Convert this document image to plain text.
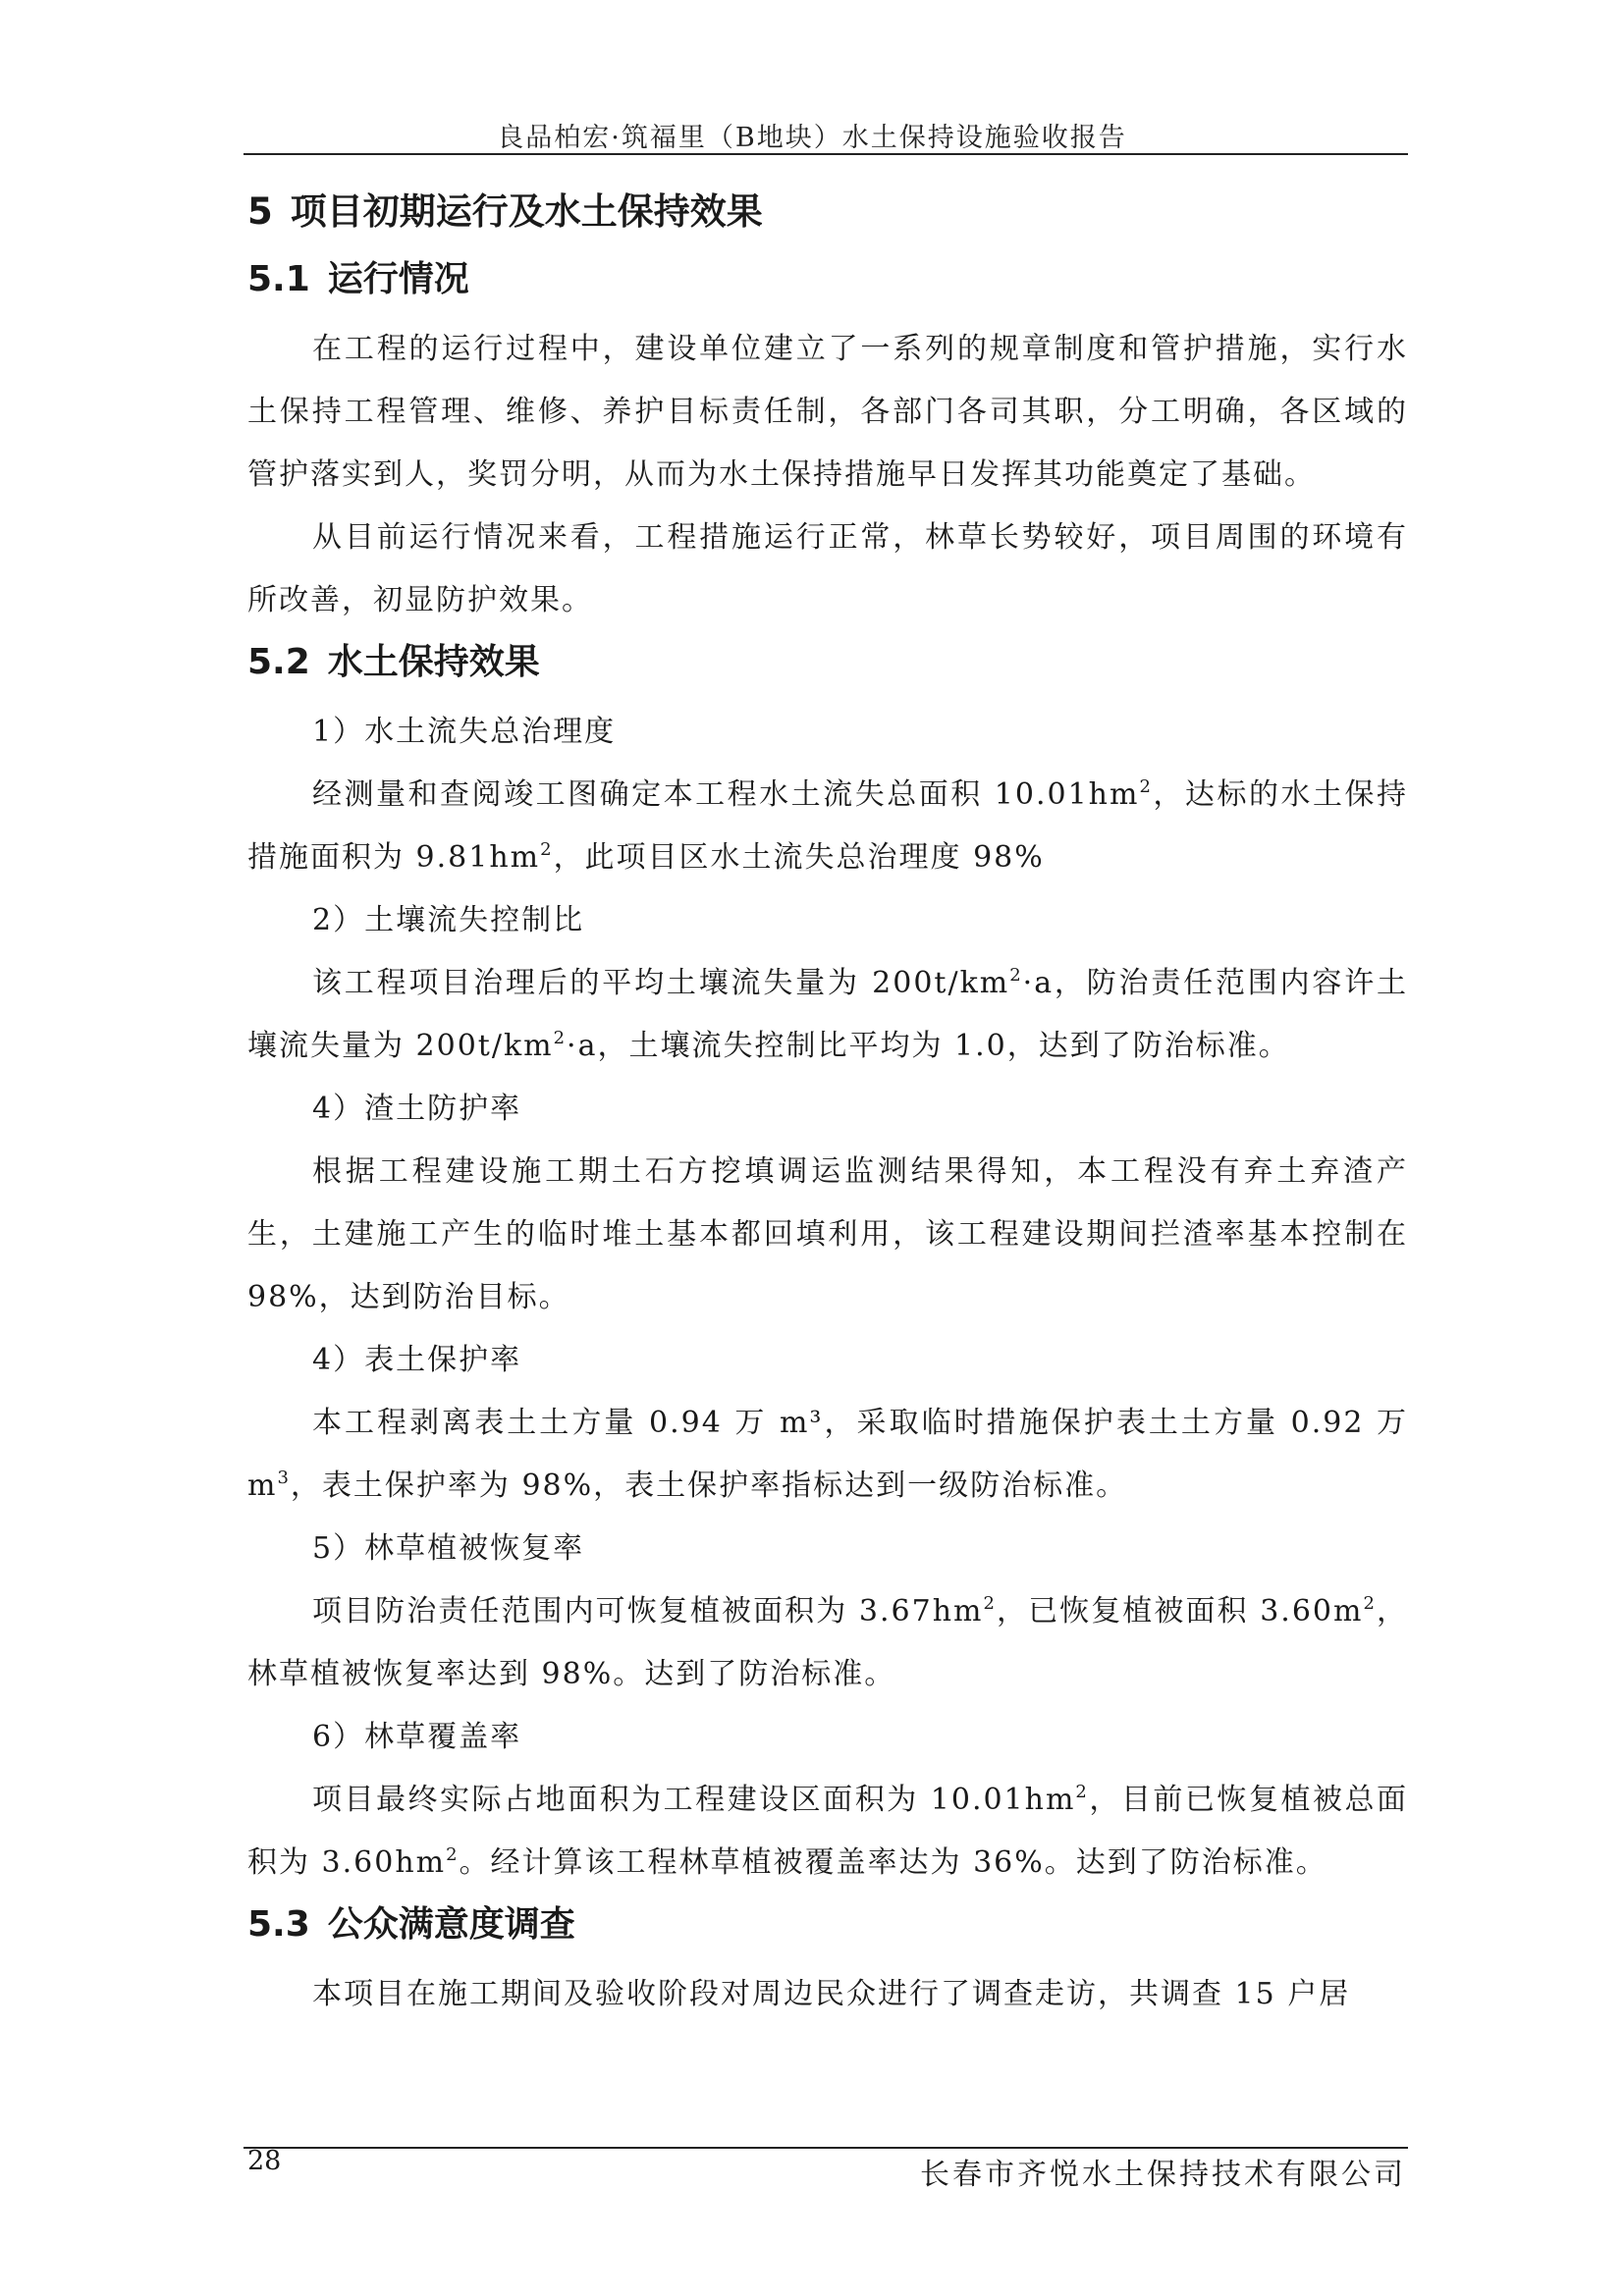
良品柏宏·筑福里（B地块）水土保持设施验收报告
5 项目初期运行及水土保持效果
5.1 运行情况

在工程的运行过程中，建设单位建立了一系列的规章制度和管护措施，实行水土保持工程管理、维修、养护目标责任制，各部门各司其职，分工明确，各区域的管护落实到人，奖罚分明，从而为水土保持措施早日发挥其功能奠定了基础。

从目前运行情况来看，工程措施运行正常，林草长势较好，项目周围的环境有所改善，初显防护效果。

5.2 水土保持效果

1）水土流失总治理度

经测量和查阅竣工图确定本工程水土流失总面积 $10.01hm^2$，达标的水土保持措施面积为 $9.81hm^2$，此项目区水土流失总治理度 98%

2）土壤流失控制比

该工程项目治理后的平均土壤流失量为 $200t/km^2\cdot a$，防治责任范围内容许土壤流失量为 $200t/km^2\cdot a$，土壤流失控制比平均为 1.0，达到了防治标准。

4）渣土防护率

根据工程建设施工期土石方挖填调运监测结果得知，本工程没有弃土弃渣产生，土建施工产生的临时堆土基本都回填利用，该工程建设期间拦渣率基本控制在 98%，达到防治目标。

4）表土保护率

本工程剥离表土土方量 0.94 万 m³，采取临时措施保护表土土方量 0.92 万 $m^3$，表土保护率为 98%，表土保护率指标达到一级防治标准。

5）林草植被恢复率

项目防治责任范围内可恢复植被面积为 $3.67hm^2$，已恢复植被面积 $3.60m^2$，林草植被恢复率达到 98%。达到了防治标准。

6）林草覆盖率

项目最终实际占地面积为工程建设区面积为 $10.01hm^2$，目前已恢复植被总面积为 $3.60hm^2$。经计算该工程林草植被覆盖率达为 36%。达到了防治标准。

5.3 公众满意度调查

本项目在施工期间及验收阶段对周边民众进行了调查走访，共调查 15 户居

28	长春市齐悦水土保持技术有限公司
